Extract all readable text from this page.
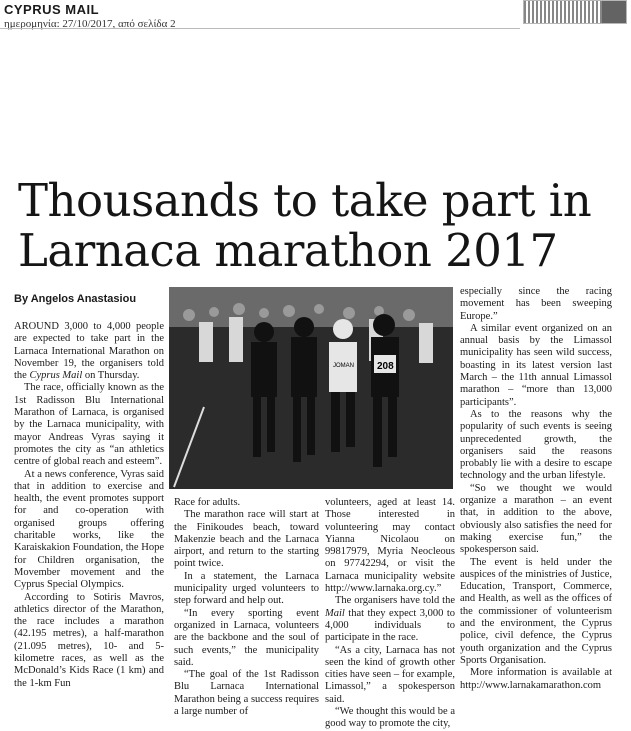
CYPRUS MAIL
ημερομηνία: 27/10/2017, από σελίδα 2
Thousands to take part in
Larnaca marathon 2017
By Angelos Anastasiou
208
JOMAN

AROUND 3,000 to 4,000 people are expected to take part in the Larnaca International Marathon on November 19, the organisers told the Cyprus Mail on Thursday.

The race, officially known as the 1st Radisson Blu International Marathon of Larnaca, is organised by the Larnaca municipality, with mayor Andreas Vyras saying it promotes the city as “an athletics centre of global reach and esteem”.

At a news conference, Vyras said that in addition to exercise and health, the event promotes support for and co-operation with organised groups offering charitable works, like the Karaiskakion Foundation, the Hope for Children organisation, the Movember movement and the Cyprus Special Olympics.

According to Sotiris Mavros, athletics director of the Marathon, the race includes a marathon (42.195 metres), a half-marathon (21.095 metres), 10- and 5-kilometre races, as well as the McDonald’s Kids Race (1 km) and the 1-km Fun

Race for adults.

The marathon race will start at the Finikoudes beach, toward Makenzie beach and the Larnaca airport, and return to the starting point twice.

In a statement, the Larnaca municipality urged volunteers to step forward and help out.

“In every sporting event organized in Larnaca, volunteers are the backbone and the soul of such events,” the municipality said.

“The goal of the 1st Radisson Blu Larnaca International Marathon being a success requires a large number of

volunteers, aged at least 14. Those interested in volunteering may contact Yianna Nicolaou on 99817979, Myria Neocleous on 97742294, or visit the Larnaca municipality website http://www.larnaka.org.cy.”

The organisers have told the Mail that they expect 3,000 to 4,000 individuals to participate in the race.

“As a city, Larnaca has not seen the kind of growth other cities have seen – for example, Limassol,” a spokesperson said.

“We thought this would be a good way to promote the city,

especially since the racing movement has been sweeping Europe.”

A similar event organized on an annual basis by the Limassol municipality has seen wild success, boasting in its latest version last March – the 11th annual Limassol marathon – “more than 13,000 participants”.

As to the reasons why the popularity of such events is seeing unprecedented growth, the organisers said the reasons probably lie with a desire to escape technology and the urban lifestyle.

“So we thought we would organize a marathon – an event that, in addition to the above, obviously also satisfies the need for making exercise fun,” the spokesperson said.

The event is held under the auspices of the ministries of Justice, Education, Transport, Commerce, and Health, as well as the offices of the commissioner of volunteerism and the environment, the Cyprus police, civil defence, the Cyprus youth organization and the Cyprus Sports Organisation.

More information is available at http://www.larnakamarathon.com
